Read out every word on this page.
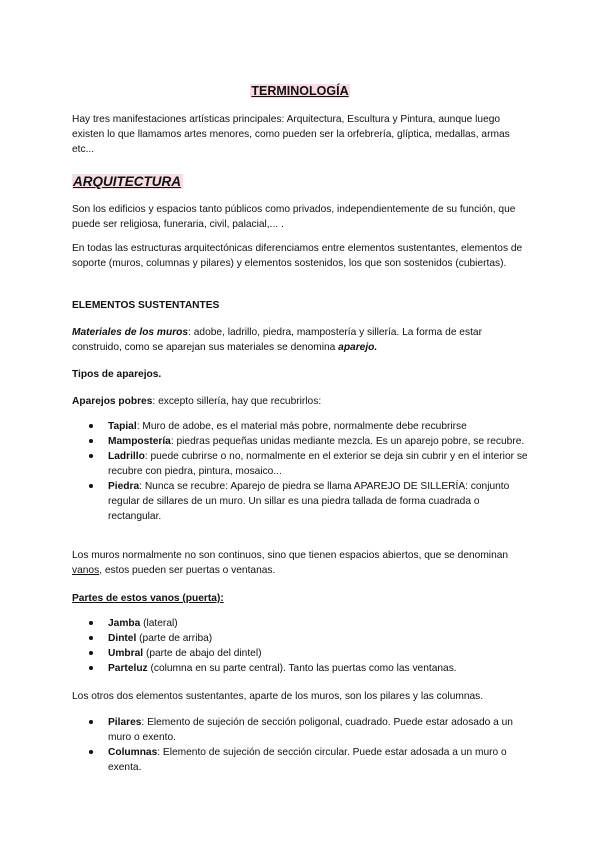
TERMINOLOGÍA

Hay tres manifestaciones artísticas principales: Arquitectura, Escultura y Pintura, aunque luego existen lo que llamamos artes menores, como pueden ser la orfebrería, glíptica, medallas, armas etc...

ARQUITECTURA

Son los edificios y espacios tanto públicos como privados, independientemente de su función, que puede ser religiosa, funeraria, civil, palacial,... .

En todas las estructuras arquitectónicas diferenciamos entre elementos sustentantes, elementos de soporte (muros, columnas y pilares) y elementos sostenidos, los que son sostenidos (cubiertas).

ELEMENTOS SUSTENTANTES

Materiales de los muros: adobe, ladrillo, piedra, mampostería y sillería. La forma de estar construido, como se aparejan sus materiales se denomina aparejo.

Tipos de aparejos.

Aparejos pobres: excepto sillería, hay que recubrirlos:

Tapial: Muro de adobe, es el material más pobre, normalmente debe recubrirse
Mampostería: piedras pequeñas unidas mediante mezcla. Es un aparejo pobre, se recubre.
Ladrillo: puede cubrirse o no, normalmente en el exterior se deja sin cubrir y en el interior se recubre con piedra, pintura, mosaico...
Piedra: Nunca se recubre: Aparejo de piedra se llama APAREJO DE SILLERÍA: conjunto regular de sillares de un muro. Un sillar es una piedra tallada de forma cuadrada o rectangular.

Los muros normalmente no son continuos, sino que tienen espacios abiertos, que se denominan vanos, estos pueden ser puertas o ventanas.

Partes de estos vanos (puerta):

Jamba (lateral)
Dintel (parte de arriba)
Umbral (parte de abajo del dintel)
Parteluz (columna en su parte central). Tanto las puertas como las ventanas.

Los otros dos elementos sustentantes, aparte de los muros, son los pilares y las columnas.

Pilares: Elemento de sujeción de sección poligonal, cuadrado. Puede estar adosado a un muro o exento.
Columnas: Elemento de sujeción de sección circular. Puede estar adosada a un muro o exenta.
